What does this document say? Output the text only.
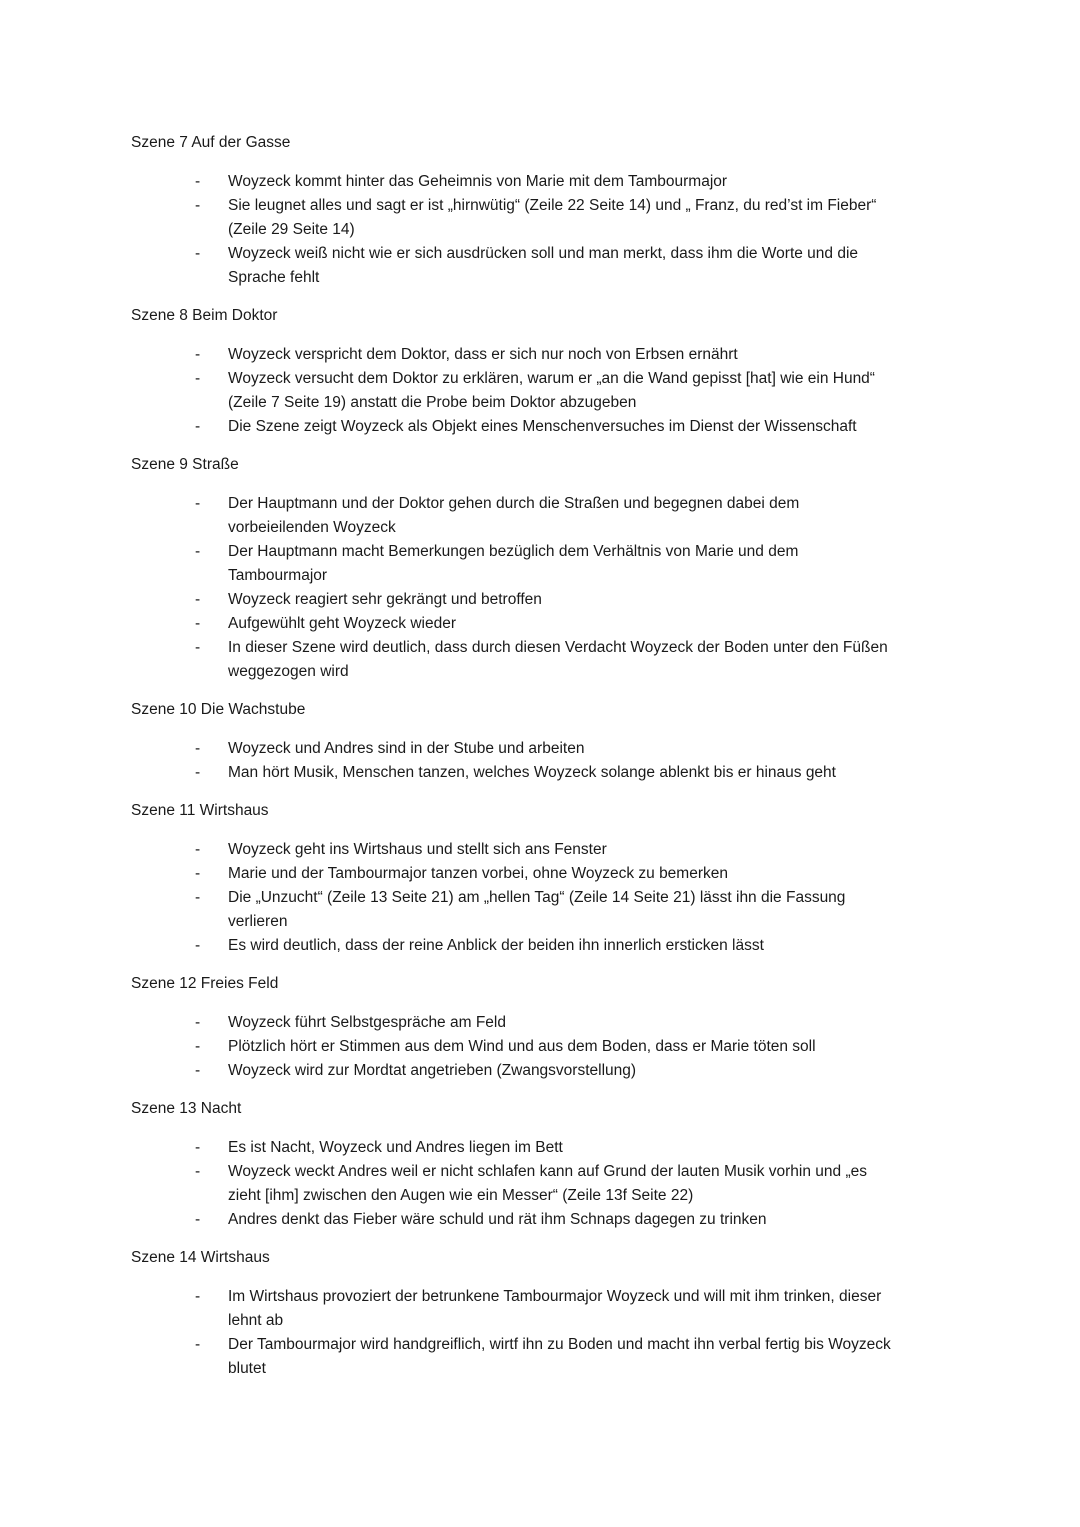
Szene 7 Auf der Gasse
-	Woyzeck kommt hinter das Geheimnis von Marie mit dem Tambourmajor
-	Sie leugnet alles und sagt er ist „hirnwütig“ (Zeile 22 Seite 14) und „ Franz, du red’st im Fieber“
(Zeile 29 Seite 14)
-	Woyzeck weiß nicht wie er sich ausdrücken soll und man merkt, dass ihm die Worte und die
Sprache fehlt
Szene 8 Beim Doktor
-	Woyzeck verspricht dem Doktor, dass er sich nur noch von Erbsen ernährt
-	Woyzeck versucht dem Doktor zu erklären, warum er „an die Wand gepisst [hat] wie ein Hund“
(Zeile 7 Seite 19) anstatt die Probe beim Doktor abzugeben
-	Die Szene zeigt Woyzeck als Objekt eines Menschenversuches im Dienst der Wissenschaft
Szene 9 Straße
-	Der Hauptmann und der Doktor gehen durch die Straßen und begegnen dabei dem
vorbeieilenden Woyzeck
-	Der Hauptmann macht Bemerkungen bezüglich dem Verhältnis von Marie und dem
Tambourmajor
-	Woyzeck reagiert sehr gekrängt und betroffen
-	Aufgewühlt geht Woyzeck wieder
-	In dieser Szene wird deutlich, dass durch diesen Verdacht Woyzeck der Boden unter den Füßen
weggezogen wird
Szene 10 Die Wachstube
-	Woyzeck und Andres sind in der Stube und arbeiten
-	Man hört Musik, Menschen tanzen, welches Woyzeck solange ablenkt bis er hinaus geht
Szene 11 Wirtshaus
-	Woyzeck geht ins Wirtshaus und stellt sich ans Fenster
-	Marie und der Tambourmajor tanzen vorbei, ohne Woyzeck zu bemerken
-	Die „Unzucht“ (Zeile 13 Seite 21) am „hellen Tag“ (Zeile 14 Seite 21) lässt ihn die Fassung
verlieren
-	Es wird deutlich, dass der reine Anblick der beiden ihn innerlich ersticken lässt
Szene 12 Freies Feld
-	Woyzeck führt Selbstgespräche am Feld
-	Plötzlich hört er Stimmen aus dem Wind und aus dem Boden, dass er Marie töten soll
-	Woyzeck wird zur Mordtat angetrieben (Zwangsvorstellung)
Szene 13 Nacht
-	Es ist Nacht, Woyzeck und Andres liegen im Bett
-	Woyzeck weckt Andres weil er nicht schlafen kann auf Grund der lauten Musik vorhin und „es
zieht [ihm] zwischen den Augen wie ein Messer“ (Zeile 13f Seite 22)
-	Andres denkt das Fieber wäre schuld und rät ihm Schnaps dagegen zu trinken
Szene 14 Wirtshaus
-	Im Wirtshaus provoziert der betrunkene Tambourmajor Woyzeck und will mit ihm trinken, dieser
lehnt ab
-	Der Tambourmajor wird handgreiflich, wirtf ihn zu Boden und macht ihn verbal fertig bis Woyzeck
blutet
